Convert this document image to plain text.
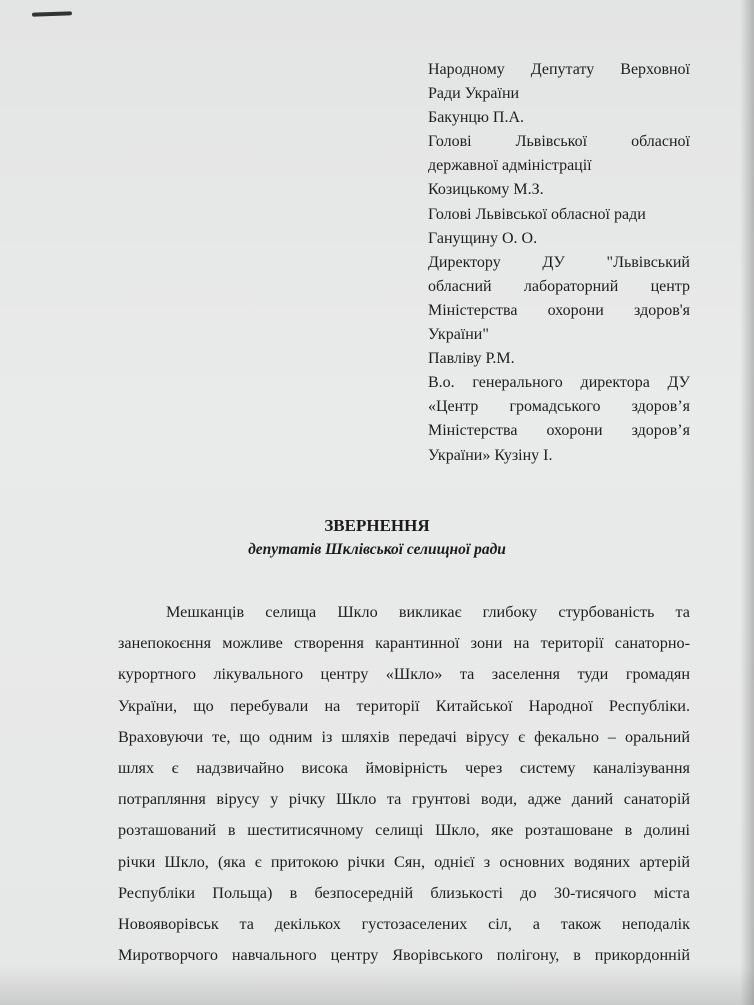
Народному Депутату Верховної
Ради України
Бакунцю П.А.
Голові Львівської обласної
державної адміністрації
Козицькому М.З.
Голові Львівської обласної ради
Ганущину О. О.
Директору ДУ "Львівський
обласний лабораторний центр
Міністерства охорони здоров'я
України"
Павліву Р.М.
В.о. генерального директора ДУ
«Центр громадського здоров’я
Міністерства охорони здоров’я
України» Кузіну І.
ЗВЕРНЕННЯ
депутатів Шклівської селищної ради
Мешканців селища Шкло викликає глибоку стурбованість та
занепокоєння можливе створення карантинної зони на території санаторно-
курортного лікувального центру «Шкло» та заселення туди громадян
України, що перебували на території Китайської Народної Республіки.
Враховуючи те, що одним із шляхів передачі вірусу є фекально – оральний
шлях є надзвичайно висока ймовірність через систему каналізування
потрапляння вірусу у річку Шкло та грунтові води, адже даний санаторій
розташований в шеститисячному селищі Шкло, яке розташоване в долині
річки Шкло, (яка є притокою річки Сян, однієї з основних водяних артерій
Республіки Польща) в безпосередній близькості до 30-тисячого міста
Новояворівськ та декількох густозаселених сіл, а також неподалік
Миротворчого навчального центру Яворівського полігону, в прикордонній
